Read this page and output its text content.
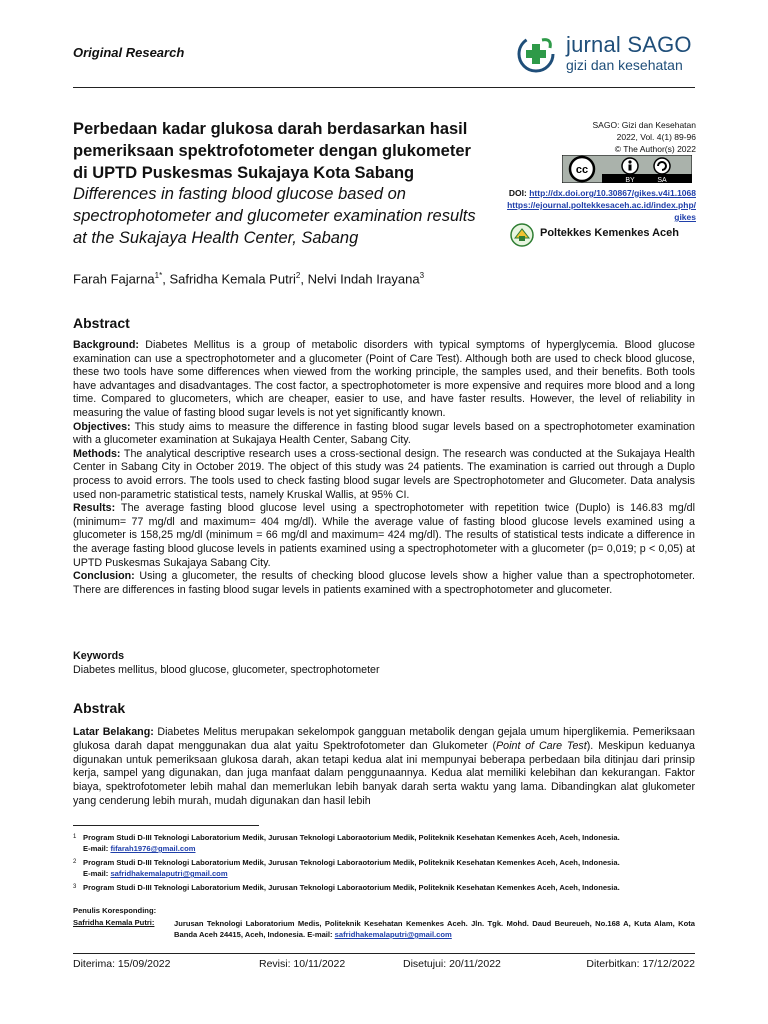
Original Research	jurnal SAGO
gizi dan kesehatan
Perbedaan kadar glukosa darah berdasarkan hasil pemeriksaan spektrofotometer dengan glukometer di UPTD Puskesmas Sukajaya Kota Sabang
Differences in fasting blood glucose based on spectrophotometer and glucometer examination results at the Sukajaya Health Center, Sabang
SAGO: Gizi dan Kesehatan
2022, Vol. 4(1) 89-96
© The Author(s) 2022
cc
BY	SA
DOI: http://dx.doi.org/10.30867/gikes.v4i1.1068
https://ejournal.poltekkesaceh.ac.id/index.php/
gikes
Poltekkes Kemenkes Aceh
Farah Fajarna$^{1*}$, Safridha Kemala Putri$^2$, Nelvi Indah Irayana$^3$
Abstract

Background: Diabetes Mellitus is a group of metabolic disorders with typical symptoms of hyperglycemia. Blood glucose examination can use a spectrophotometer and a glucometer (Point of Care Test). Although both are used to check blood glucose, these two tools have some differences when viewed from the working principle, the samples used, and their benefits. Both tools have advantages and disadvantages. The cost factor, a spectrophotometer is more expensive and requires more blood and a long time. Compared to glucometers, which are cheaper, easier to use, and have faster results. However, the level of reliability in measuring the value of fasting blood sugar levels is not yet significantly known.

Objectives: This study aims to measure the difference in fasting blood sugar levels based on a spectrophotometer examination with a glucometer examination at Sukajaya Health Center, Sabang City.

Methods: The analytical descriptive research uses a cross-sectional design. The research was conducted at the Sukajaya Health Center in Sabang City in October 2019. The object of this study was 24 patients. The examination is carried out through a Duplo process to avoid errors. The tools used to check fasting blood sugar levels are Spectrophotometer and Glucometer. Data analysis used non-parametric statistical tests, namely Kruskal Wallis, at 95% CI.

Results: The average fasting blood glucose level using a spectrophotometer with repetition twice (Duplo) is 146.83 mg/dl (minimum= 77 mg/dl and maximum= 404 mg/dl). While the average value of fasting blood glucose levels examined using a glucometer is 158,25 mg/dl (minimum = 66 mg/dl and maximum= 424 mg/dl). The results of statistical tests indicate a difference in the average fasting blood glucose levels in patients examined using a spectrophotometer with a glucometer (p= 0,019; p < 0,05) at UPTD Puskesmas Sukajaya Sabang City.

Conclusion: Using a glucometer, the results of checking blood glucose levels show a higher value than a spectrophotometer. There are differences in fasting blood sugar levels in patients examined with a spectrophotometer and glucometer.

Keywords
Diabetes mellitus, blood glucose, glucometer, spectrophotometer
Abstrak
Latar Belakang: Diabetes Melitus merupakan sekelompok gangguan metabolik dengan gejala umum hiperglikemia. Pemeriksaan glukosa darah dapat menggunakan dua alat yaitu Spektrofotometer dan Glukometer (Point of Care Test). Meskipun keduanya digunakan untuk pemeriksaan glukosa darah, akan tetapi kedua alat ini mempunyai beberapa perbedaan bila ditinjau dari prinsip kerja, sampel yang digunakan, dan juga manfaat dalam penggunaannya. Kedua alat memiliki kelebihan dan kekurangan. Faktor biaya, spektrofotometer lebih mahal dan memerlukan lebih banyak darah serta waktu yang lama. Dibandingkan alat glukometer yang cenderung lebih murah, mudah digunakan dan hasil lebih
1 Program Studi D-III Teknologi Laboratorium Medik, Jurusan Teknologi Laboraotorium Medik, Politeknik Kesehatan Kemenkes Aceh, Aceh, Indonesia.
E-mail: fifarah1976@gmail.com
2 Program Studi D-III Teknologi Laboratorium Medik, Jurusan Teknologi Laboraotorium Medik, Politeknik Kesehatan Kemenkes Aceh, Aceh, Indonesia.
E-mail: safridhakemalaputri@gmail.com
3 Program Studi D-III Teknologi Laboratorium Medik, Jurusan Teknologi Laboraotorium Medik, Politeknik Kesehatan Kemenkes Aceh, Aceh, Indonesia.
Penulis Koresponding:
Safridha Kemala Putri:	Jurusan Teknologi Laboratorium Medis, Politeknik Kesehatan Kemenkes Aceh. Jln. Tgk. Mohd. Daud Beureueh, No.168 A, Kuta Alam, Kota Banda Aceh 24415, Aceh, Indonesia. E-mail: safridhakemalaputri@gmail.com
Diterima: 15/09/2022	Revisi: 10/11/2022	Disetujui: 20/11/2022	Diterbitkan: 17/12/2022
